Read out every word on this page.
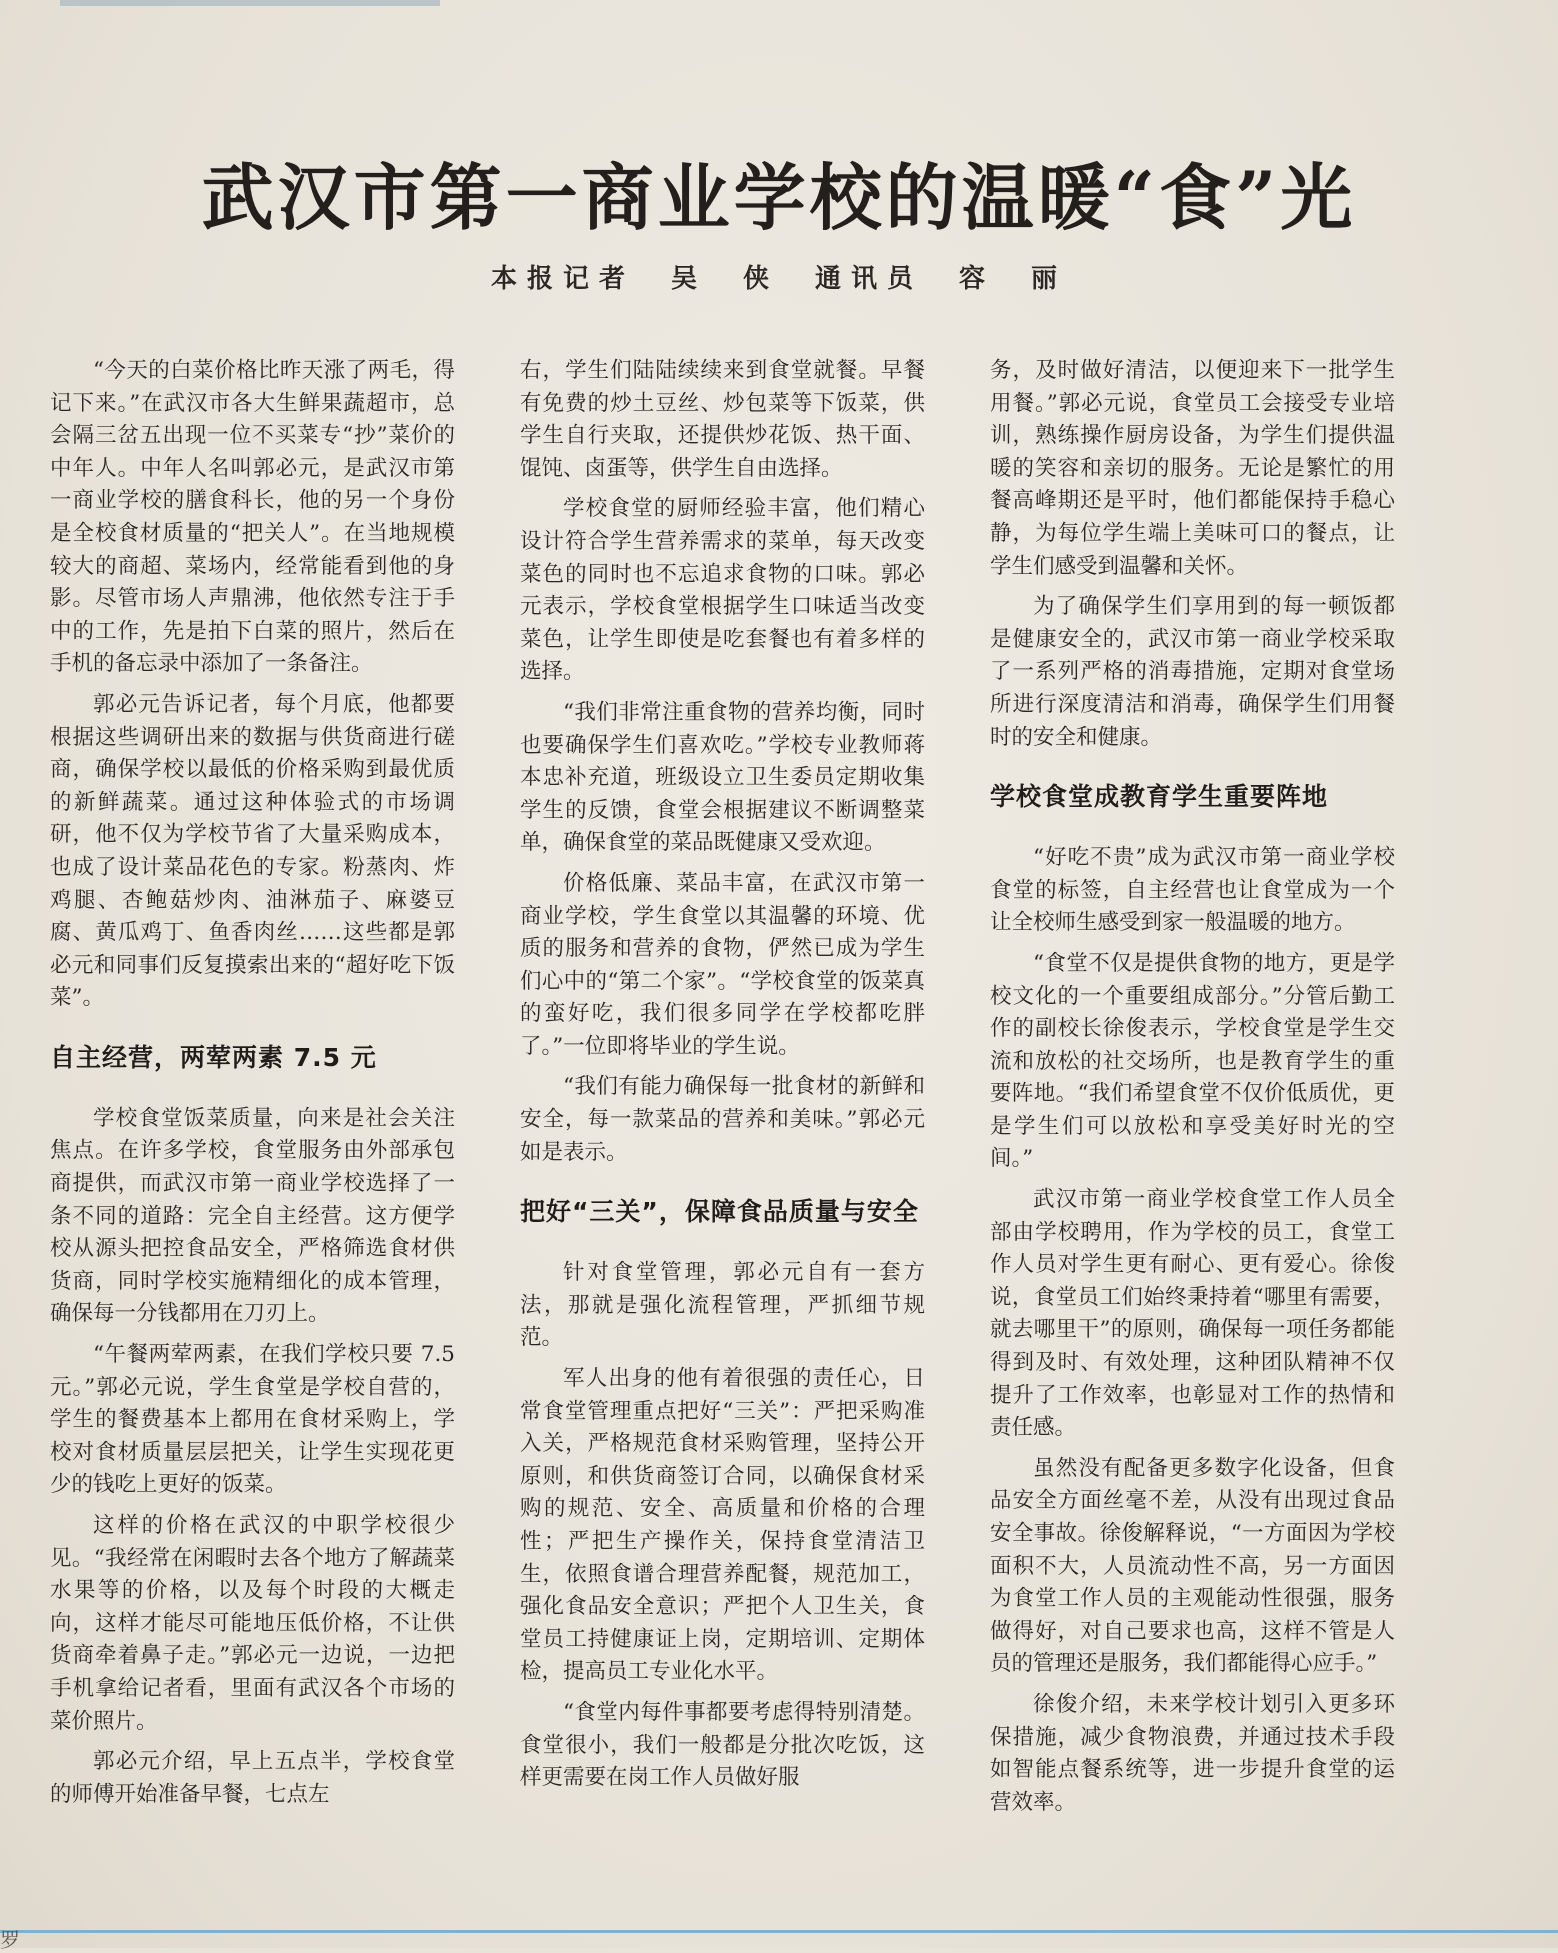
武汉市第一商业学校的温暖“食”光
本报记者　吴　侠　通讯员　容　丽

“今天的白菜价格比昨天涨了两毛，得记下来。”在武汉市各大生鲜果蔬超市，总会隔三岔五出现一位不买菜专“抄”菜价的中年人。中年人名叫郭必元，是武汉市第一商业学校的膳食科长，他的另一个身份是全校食材质量的“把关人”。在当地规模较大的商超、菜场内，经常能看到他的身影。尽管市场人声鼎沸，他依然专注于手中的工作，先是拍下白菜的照片，然后在手机的备忘录中添加了一条备注。

郭必元告诉记者，每个月底，他都要根据这些调研出来的数据与供货商进行磋商，确保学校以最低的价格采购到最优质的新鲜蔬菜。通过这种体验式的市场调研，他不仅为学校节省了大量采购成本，也成了设计菜品花色的专家。粉蒸肉、炸鸡腿、杏鲍菇炒肉、油淋茄子、麻婆豆腐、黄瓜鸡丁、鱼香肉丝……这些都是郭必元和同事们反复摸索出来的“超好吃下饭菜”。

自主经营，两荤两素 7.5 元

学校食堂饭菜质量，向来是社会关注焦点。在许多学校，食堂服务由外部承包商提供，而武汉市第一商业学校选择了一条不同的道路：完全自主经营。这方便学校从源头把控食品安全，严格筛选食材供货商，同时学校实施精细化的成本管理，确保每一分钱都用在刀刃上。

“午餐两荤两素，在我们学校只要 7.5 元。”郭必元说，学生食堂是学校自营的，学生的餐费基本上都用在食材采购上，学校对食材质量层层把关，让学生实现花更少的钱吃上更好的饭菜。

这样的价格在武汉的中职学校很少见。“我经常在闲暇时去各个地方了解蔬菜水果等的价格，以及每个时段的大概走向，这样才能尽可能地压低价格，不让供货商牵着鼻子走。”郭必元一边说，一边把手机拿给记者看，里面有武汉各个市场的菜价照片。

郭必元介绍，早上五点半，学校食堂的师傅开始准备早餐，七点左

右，学生们陆陆续续来到食堂就餐。早餐有免费的炒土豆丝、炒包菜等下饭菜，供学生自行夹取，还提供炒花饭、热干面、馄饨、卤蛋等，供学生自由选择。

学校食堂的厨师经验丰富，他们精心设计符合学生营养需求的菜单，每天改变菜色的同时也不忘追求食物的口味。郭必元表示，学校食堂根据学生口味适当改变菜色，让学生即使是吃套餐也有着多样的选择。

“我们非常注重食物的营养均衡，同时也要确保学生们喜欢吃。”学校专业教师蒋本忠补充道，班级设立卫生委员定期收集学生的反馈，食堂会根据建议不断调整菜单，确保食堂的菜品既健康又受欢迎。

价格低廉、菜品丰富，在武汉市第一商业学校，学生食堂以其温馨的环境、优质的服务和营养的食物，俨然已成为学生们心中的“第二个家”。“学校食堂的饭菜真的蛮好吃，我们很多同学在学校都吃胖了。”一位即将毕业的学生说。

“我们有能力确保每一批食材的新鲜和安全，每一款菜品的营养和美味。”郭必元如是表示。

把好“三关”，保障食品质量与安全

针对食堂管理，郭必元自有一套方法，那就是强化流程管理，严抓细节规范。

军人出身的他有着很强的责任心，日常食堂管理重点把好“三关”：严把采购准入关，严格规范食材采购管理，坚持公开原则，和供货商签订合同，以确保食材采购的规范、安全、高质量和价格的合理性；严把生产操作关，保持食堂清洁卫生，依照食谱合理营养配餐，规范加工，强化食品安全意识；严把个人卫生关，食堂员工持健康证上岗，定期培训、定期体检，提高员工专业化水平。

“食堂内每件事都要考虑得特别清楚。食堂很小，我们一般都是分批次吃饭，这样更需要在岗工作人员做好服

务，及时做好清洁，以便迎来下一批学生用餐。”郭必元说，食堂员工会接受专业培训，熟练操作厨房设备，为学生们提供温暖的笑容和亲切的服务。无论是繁忙的用餐高峰期还是平时，他们都能保持手稳心静，为每位学生端上美味可口的餐点，让学生们感受到温馨和关怀。

为了确保学生们享用到的每一顿饭都是健康安全的，武汉市第一商业学校采取了一系列严格的消毒措施，定期对食堂场所进行深度清洁和消毒，确保学生们用餐时的安全和健康。

学校食堂成教育学生重要阵地

“好吃不贵”成为武汉市第一商业学校食堂的标签，自主经营也让食堂成为一个让全校师生感受到家一般温暖的地方。

“食堂不仅是提供食物的地方，更是学校文化的一个重要组成部分。”分管后勤工作的副校长徐俊表示，学校食堂是学生交流和放松的社交场所，也是教育学生的重要阵地。“我们希望食堂不仅价低质优，更是学生们可以放松和享受美好时光的空间。”

武汉市第一商业学校食堂工作人员全部由学校聘用，作为学校的员工，食堂工作人员对学生更有耐心、更有爱心。徐俊说，食堂员工们始终秉持着“哪里有需要，就去哪里干”的原则，确保每一项任务都能得到及时、有效处理，这种团队精神不仅提升了工作效率，也彰显对工作的热情和责任感。

虽然没有配备更多数字化设备，但食品安全方面丝毫不差，从没有出现过食品安全事故。徐俊解释说，“一方面因为学校面积不大，人员流动性不高，另一方面因为食堂工作人员的主观能动性很强，服务做得好，对自己要求也高，这样不管是人员的管理还是服务，我们都能得心应手。”

徐俊介绍，未来学校计划引入更多环保措施，减少食物浪费，并通过技术手段如智能点餐系统等，进一步提升食堂的运营效率。

罗
